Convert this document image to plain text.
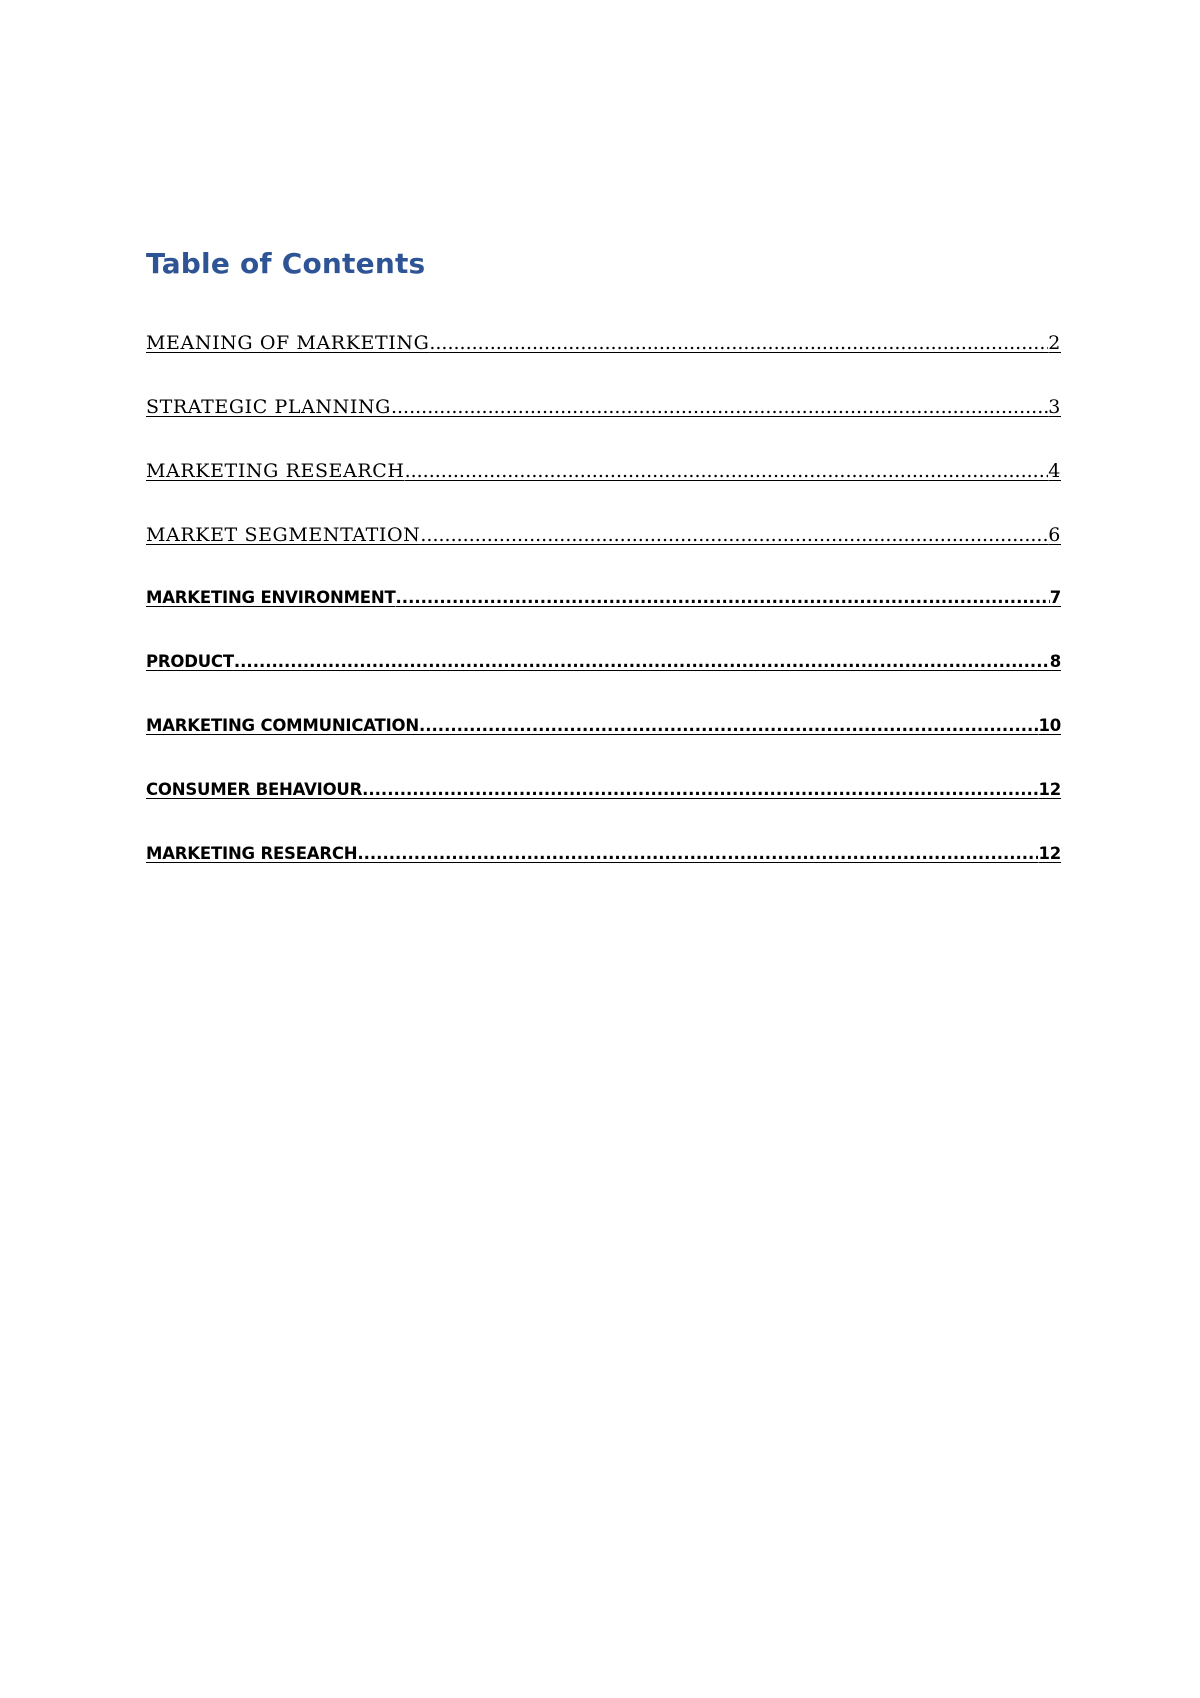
Table of Contents
MEANING OF MARKETING .....	2
STRATEGIC PLANNING .....	3
MARKETING RESEARCH .....	4
MARKET SEGMENTATION .....	6
MARKETING ENVIRONMENT .....	7
PRODUCT .....	8
MARKETING COMMUNICATION .....	10
CONSUMER BEHAVIOUR .....	12
MARKETING RESEARCH .....	12
